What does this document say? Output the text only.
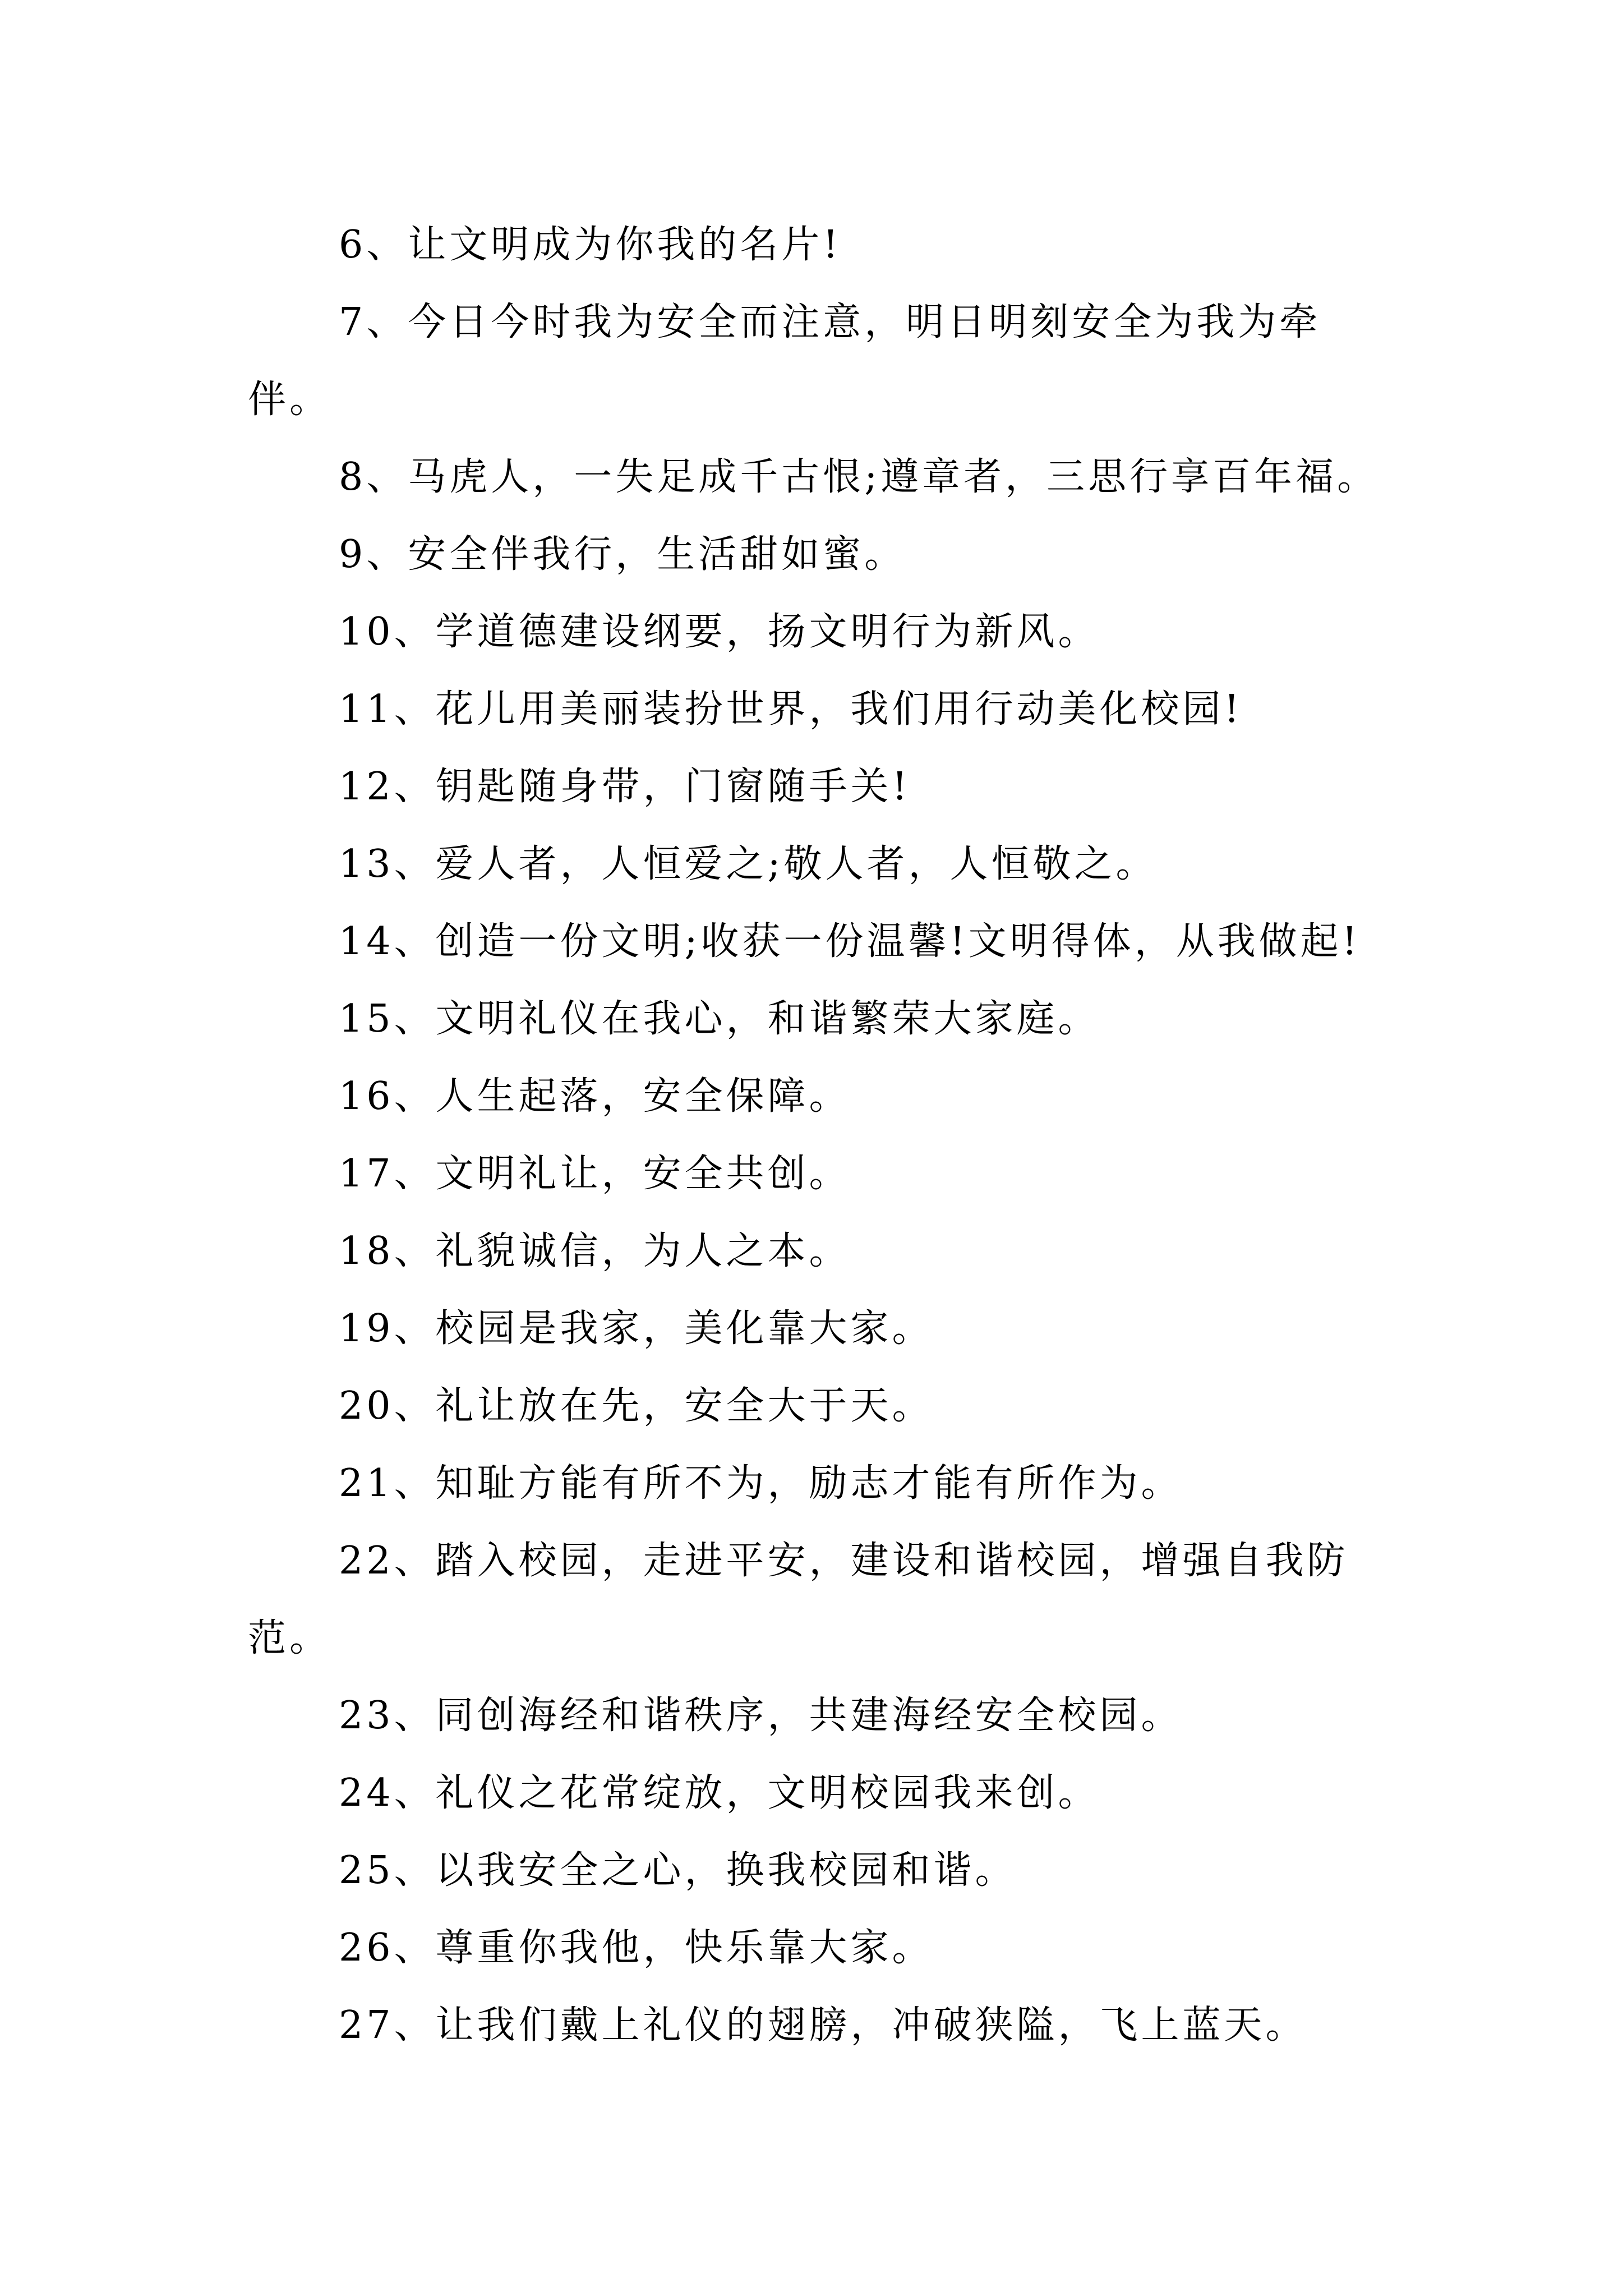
6、让文明成为你我的名片!

7、今日今时我为安全而注意，明日明刻安全为我为牵伴。

8、马虎人，一失足成千古恨;遵章者，三思行享百年福。

9、安全伴我行，生活甜如蜜。

10、学道德建设纲要，扬文明行为新风。

11、花儿用美丽装扮世界，我们用行动美化校园!

12、钥匙随身带，门窗随手关!

13、爱人者，人恒爱之;敬人者，人恒敬之。

14、创造一份文明;收获一份温馨!文明得体，从我做起!

15、文明礼仪在我心，和谐繁荣大家庭。

16、人生起落，安全保障。

17、文明礼让，安全共创。

18、礼貌诚信，为人之本。

19、校园是我家，美化靠大家。

20、礼让放在先，安全大于天。

21、知耻方能有所不为，励志才能有所作为。

22、踏入校园，走进平安，建设和谐校园，增强自我防范。

23、同创海经和谐秩序，共建海经安全校园。

24、礼仪之花常绽放，文明校园我来创。

25、以我安全之心，换我校园和谐。

26、尊重你我他，快乐靠大家。

27、让我们戴上礼仪的翅膀，冲破狭隘，飞上蓝天。
